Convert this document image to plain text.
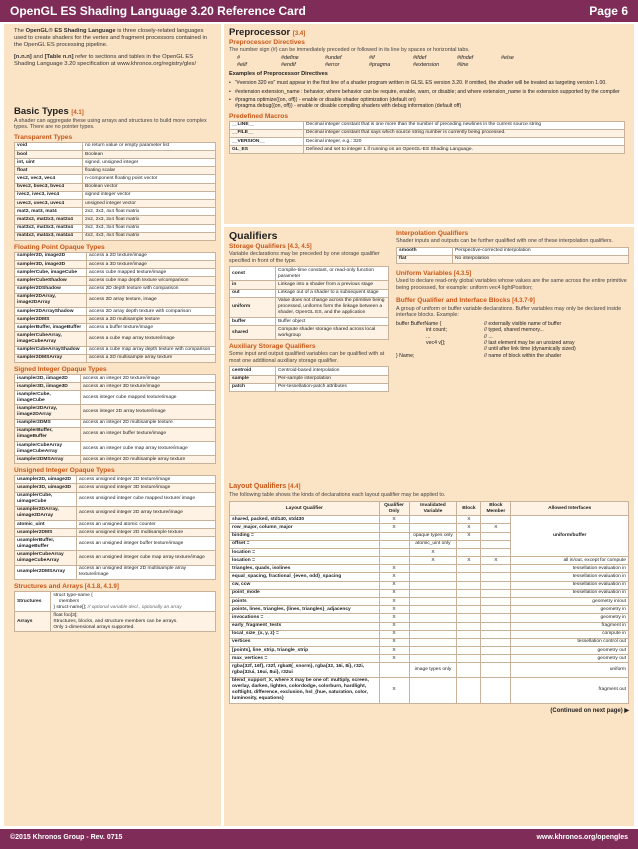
OpenGL ES Shading Language 3.20 Reference Card	Page 6
The OpenGL® ES Shading Language is three closely-related languages used to create shaders for the vertex and fragment processors contained in the OpenGL ES processing pipeline.
[n.n.n] and [Table n.n] refer to sections and tables in the OpenGL ES Shading Language 3.20 specification at www.khronos.org/registry/gles/
Basic Types [4.1]
A shader can aggregate these using arrays and structures to build more complex types. There are no pointer types.
Transparent Types
void	no return value or empty parameter list
bool	Boolean
int, uint	signed, unsigned integer
float	floating scalar
vec2, vec3, vec4	n-component floating point vector
bvec2, bvec3, bvec4	Boolean vector
ivec2, ivec3, ivec4	signed integer vector
uvec2, uvec3, uvec4	unsigned integer vector
mat2, mat3, mat4	2x2, 3x3, 4x4 float matrix
mat2x2, mat2x3, mat2x4	2x2, 2x3, 2x4 float matrix
mat3x2, mat3x3, mat3x4	3x2, 3x3, 3x4 float matrix
mat4x2, mat4x3, mat4x4	4x2, 4x3, 4x4 float matrix
Floating Point Opaque Types
sampler2D, image2D	access a 2D texture/image
sampler3D, image3D	access a 3D texture/image
samplerCube, imageCube	access cube mapped texture/image
samplerCubeShadow	access cube map depth texture w/comparison
sampler2DShadow	access 2D depth texture with comparison
sampler2DArray, image2DArray	access 2D array texture, image
sampler2DArrayShadow	access 2D array depth texture with comparison
sampler2DMS	access a 2D multisample texture
samplerBuffer, imageBuffer	access a buffer texture/image
samplerCubeArray, imageCubeArray	access a cube map array texture/image
samplerCubeArrayShadow	access a cube map array depth texture with comparison
sampler2DMSArray	access a 2D multisample array texture
Signed Integer Opaque Types
isampler2D, iimage2D	access an integer 2D texture/image
isampler3D, iimage3D	access an integer 3D texture/image
isamplerCube, iimageCube	access integer cube mapped texture/image
isampler2DArray, iimage2DArray	access integer 2D array texture/image
isampler2DMS	access an integer 2D multisample texture
isamplerBuffer, iimageBuffer	access an integer buffer texture/image
isamplerCubeArray iimageCubeArray	access an integer cube map array texture/image
isampler2DMSArray	access an integer 2D multisample array texture
Unsigned Integer Opaque Types
usampler2D, uimage2D	access unsigned integer 2D texture/image
usampler3D, uimage3D	access unsigned integer 3D texture/image
usamplerCube, uimageCube	access unsigned integer cube mapped texture/ image
usampler2DArray, uimage2DArray	access unsigned integer 2D array texture/image
atomic_uint	access an unsigned atomic counter
usampler2DMS	access unsigned integer 2D multisample texture
usamplerBuffer, uimageBuffer	access an unsigned integer buffer texture/image
usamplerCubeArray uimageCubeArray	access an unsigned integer cube map array texture/image
usampler2DMSArray	access an unsigned integer 2D multisample array texture/image
Structures and Arrays [4.1.8, 4.1.9]
Structures	struct type-name {
members
} struct-name[]; // optional variable decl., optionally an array
Arrays	float foo[3];
Structures, blocks, and structure members can be arrays.
Only 1-dimensional arrays supported.
Preprocessor [3.4]
Preprocessor Directives
The number sign (#) can be immediately preceded or followed in its line by spaces or horizontal tabs.
#	#define	#undef	#if	#ifdef	#ifndef	#else
#elif	#endif	#error	#pragma	#extension	#line
Examples of Preprocessor Directives
• "#version 320 es" must appear in the first line of a shader program written in GLSL ES version 3.20. If omitted, the shader will be treated as targeting version 1.00.
• #extension extension_name : behavior, where behavior can be require, enable, warn, or disable; and where extension_name is the extension supported by the compiler
• #pragma optimize({on, off}) - enable or disable shader optimization (default on)
#pragma debug({on, off}) - enable or disable compiling shaders with debug information (default off)
Predefined Macros
__LINE__	Decimal integer constant that is one more than the number of preceding newlines in the current source string
__FILE__	Decimal integer constant that says which source string number is currently being processed.
__VERSION__	Decimal integer, e.g.: 320
GL_ES	Defined and set to integer 1 if running on an OpenGL-ES Shading Language.
Qualifiers
Storage Qualifiers [4.3, 4.5]
Variable declarations may be preceded by one storage qualifier specified in front of the type.
const	Compile-time constant, or read-only function parameter
in	Linkage into a shader from a previous stage
out	Linkage out of a shader to a subsequent stage
uniform	Value does not change across the primitive being processed, uniforms form the linkage between a shader, OpenGL ES, and the application
buffer	Buffer object
shared	Compute shader storage shared across local workgroup
Auxiliary Storage Qualifiers
Some input and output qualified variables can be qualified with at most one additional auxiliary storage qualifier.
centroid	Centroid-based interpolation
sample	Per-sample interpolation
patch	Per-tessellation-patch attributes
Interpolation Qualifiers
Shader inputs and outputs can be further qualified with one of these interpolation qualifiers.
smooth	Perspective-corrected interpolation
flat	No interpolation
Uniform Variables [4.3.5]
Used to declare read-only global variables whose values are the same across the entire primitive being processed, for example: uniform vec4 lightPosition;
Buffer Qualifier and Interface Blocks [4.3.7-9]
A group of uniform or buffer variable declarations. Buffer variables may only be declared inside interface blocks. Example:
buffer BufferName {	// externally visible name of buffer
int count;	// typed, shared memory...
...	// ...
vec4 v[];	// last element may be an unsized array
// until after link time (dynamically sized)
} Name;	// name of block within the shader
Layout Qualifiers [4.4]
The following table shows the kinds of declarations each layout qualifier may be applied to.
Layout Qualifier	Qualifier Only	Invalidated Variable	Block	Block Member	Allowed Interfaces
shared, packed, std140, std430	X		X		uniform/buffer
row_major, column_major	X		X	X	
binding =		opaque types only	X		
offset =		atomic_uint only			
location =		X			
location =		X	X	X	all in/out, except for compute
triangles, quads, isolines	X				tessellation evaluation in
equal_spacing, fractional_{even, odd}_spacing	X				tessellation evaluation in
cw, ccw	X				tessellation evaluation in
point_mode	X				tessellation evaluation in
points	X				geometry in/out
points, lines, triangles, {lines, triangles}_adjacency	X				geometry in
invocations =	X				geometry in
early_fragment_tests	X				fragment in
local_size_{x, y, z} =	X				compute in
vertices	X				tessellation control out
[points], line_strip, triangle_strip	X				geometry out
max_vertices =	X				geometry out
rgba{32f, 16f}, r32f, rgba8{_snorm}, rgba{32, 16i, 8i}, r32i, rgba{32ui, 16ui, 8ui}, r32ui		image types only			uniform
blend_support_X, where X may be one of: multiply, screen, overlay, darken, lighten, colordodge, colorburn, hardlight, softlight, difference, exclusion, hsl_{hue, saturation, color, luminosity, equations}	X				fragment out
(Continued on next page) ▶
©2015 Khronos Group - Rev. 0715	www.khronos.org/opengles
